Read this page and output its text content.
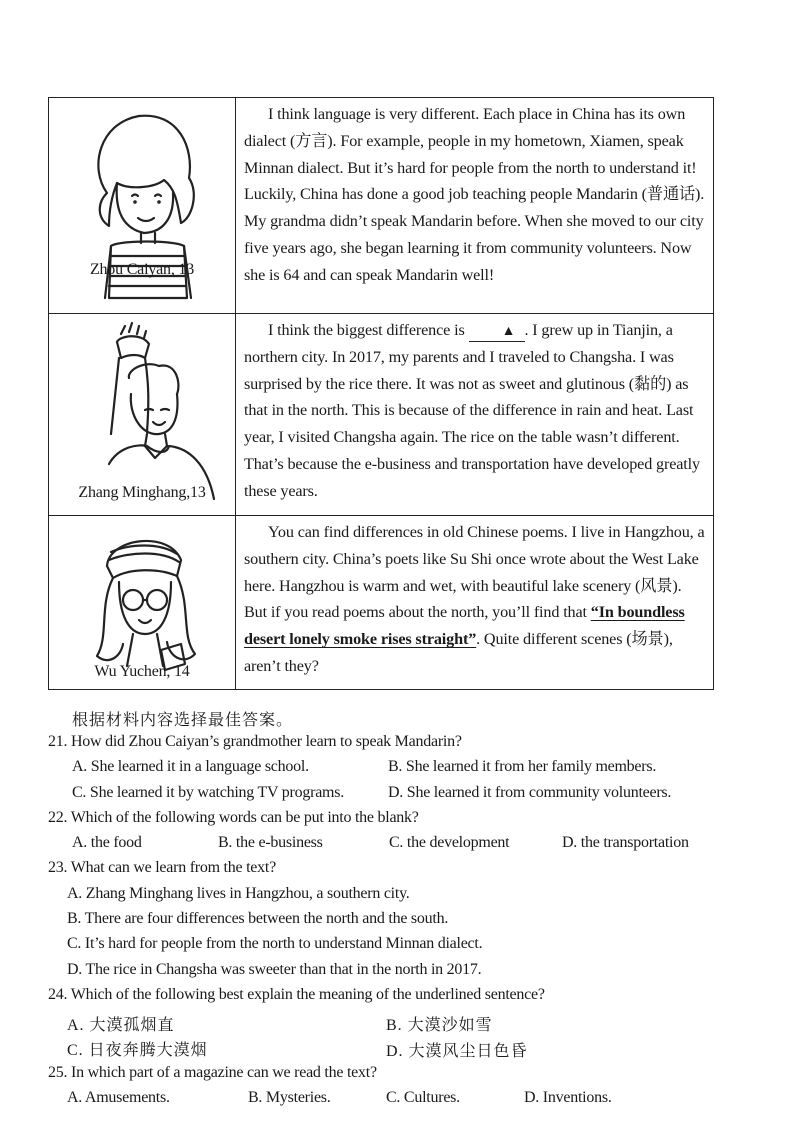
Zhou Caiyan, 13

I think language is very different. Each place in China has its own dialect (方言). For example, people in my hometown, Xiamen, speak Minnan dialect. But it’s hard for people from the north to understand it! Luckily, China has done a good job teaching people Mandarin (普通话). My grandma didn’t speak Mandarin before. When she moved to our city five years ago, she began learning it from community volunteers. Now she is 64 and can speak Mandarin well!

Zhang Minghang,13

I think the biggest difference is ▲ . I grew up in Tianjin, a northern city. In 2017, my parents and I traveled to Changsha. I was surprised by the rice there. It was not as sweet and glutinous (黏的) as that in the north. This is because of the difference in rain and heat. Last year, I visited Changsha again. The rice on the table wasn’t different. That’s because the e-business and transportation have developed greatly these years.

Wu Yuchen, 14

You can find differences in old Chinese poems. I live in Hangzhou, a southern city. China’s poets like Su Shi once wrote about the West Lake here. Hangzhou is warm and wet, with beautiful lake scenery (风景). But if you read poems about the north, you’ll find that “In boundless desert lonely smoke rises straight”. Quite different scenes (场景), aren’t they?

根据材料内容选择最佳答案。
21. How did Zhou Caiyan’s grandmother learn to speak Mandarin?
A. She learned it in a language school.	B. She learned it from her family members.
C. She learned it by watching TV programs.	D. She learned it from community volunteers.
22. Which of the following words can be put into the blank?
A. the food	B. the e-business	C. the development	D. the transportation
23. What can we learn from the text?
A. Zhang Minghang lives in Hangzhou, a southern city.
B. There are four differences between the north and the south.
C. It’s hard for people from the north to understand Minnan dialect.
D. The rice in Changsha was sweeter than that in the north in 2017.
24. Which of the following best explain the meaning of the underlined sentence?
A. 大漠孤烟直	B. 大漠沙如雪
C. 日夜奔腾大漠烟	D. 大漠风尘日色昏
25. In which part of a magazine can we read the text?
A. Amusements.	B. Mysteries.	C. Cultures.	D. Inventions.
